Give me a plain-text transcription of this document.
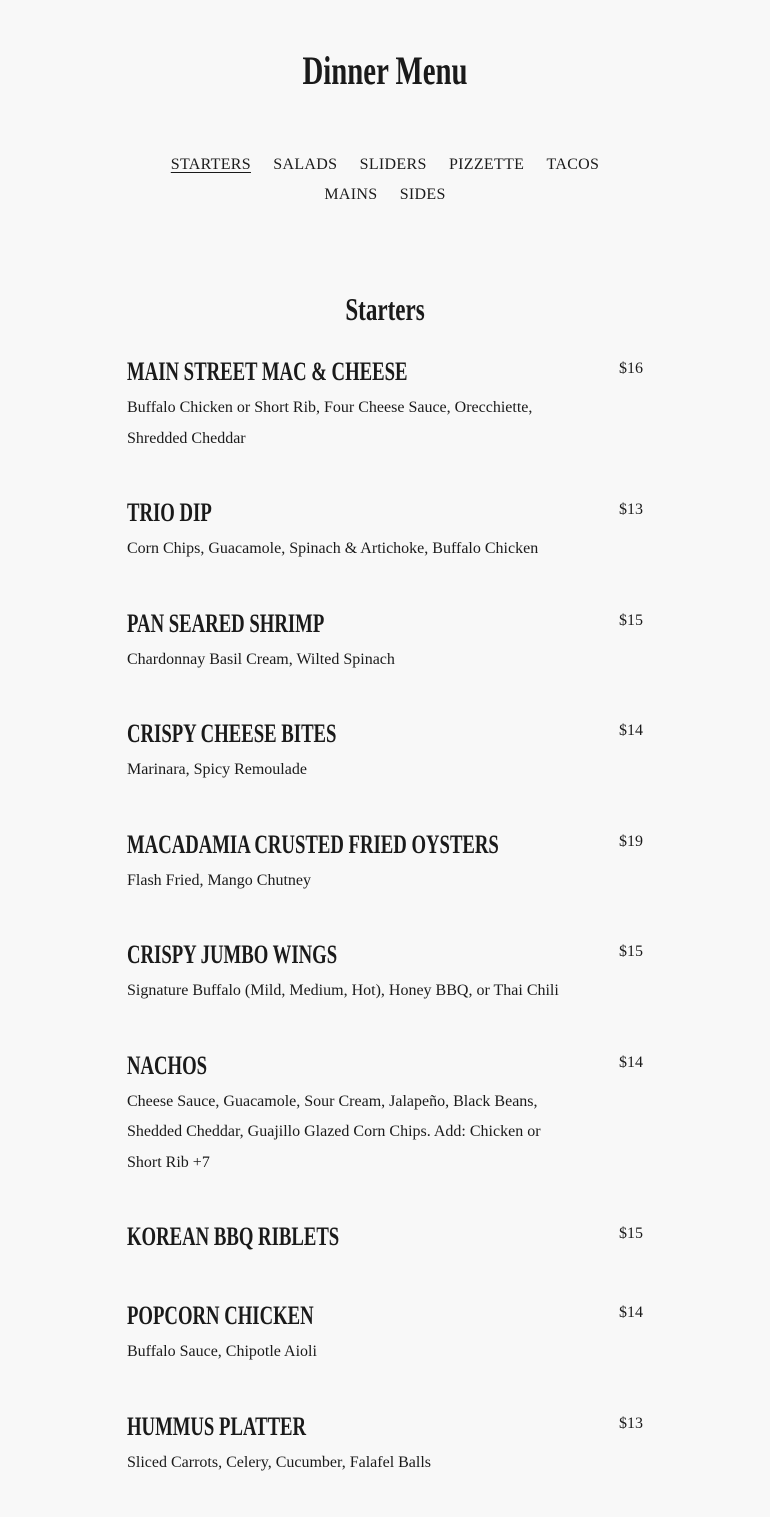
Dinner Menu
STARTERS SALADS SLIDERS PIZZETTE TACOS MAINS SIDES
Starters
MAIN STREET MAC & CHEESE	$16
Buffalo Chicken or Short Rib, Four Cheese Sauce, Orecchiette, Shredded Cheddar
TRIO DIP	$13
Corn Chips, Guacamole, Spinach & Artichoke, Buffalo Chicken
PAN SEARED SHRIMP	$15
Chardonnay Basil Cream, Wilted Spinach
CRISPY CHEESE BITES	$14
Marinara, Spicy Remoulade
MACADAMIA CRUSTED FRIED OYSTERS	$19
Flash Fried, Mango Chutney
CRISPY JUMBO WINGS	$15
Signature Buffalo (Mild, Medium, Hot), Honey BBQ, or Thai Chili
NACHOS	$14
Cheese Sauce, Guacamole, Sour Cream, Jalapeño, Black Beans, Shedded Cheddar, Guajillo Glazed Corn Chips. Add: Chicken or Short Rib +7
KOREAN BBQ RIBLETS	$15
POPCORN CHICKEN	$14
Buffalo Sauce, Chipotle Aioli
HUMMUS PLATTER	$13
Sliced Carrots, Celery, Cucumber, Falafel Balls
